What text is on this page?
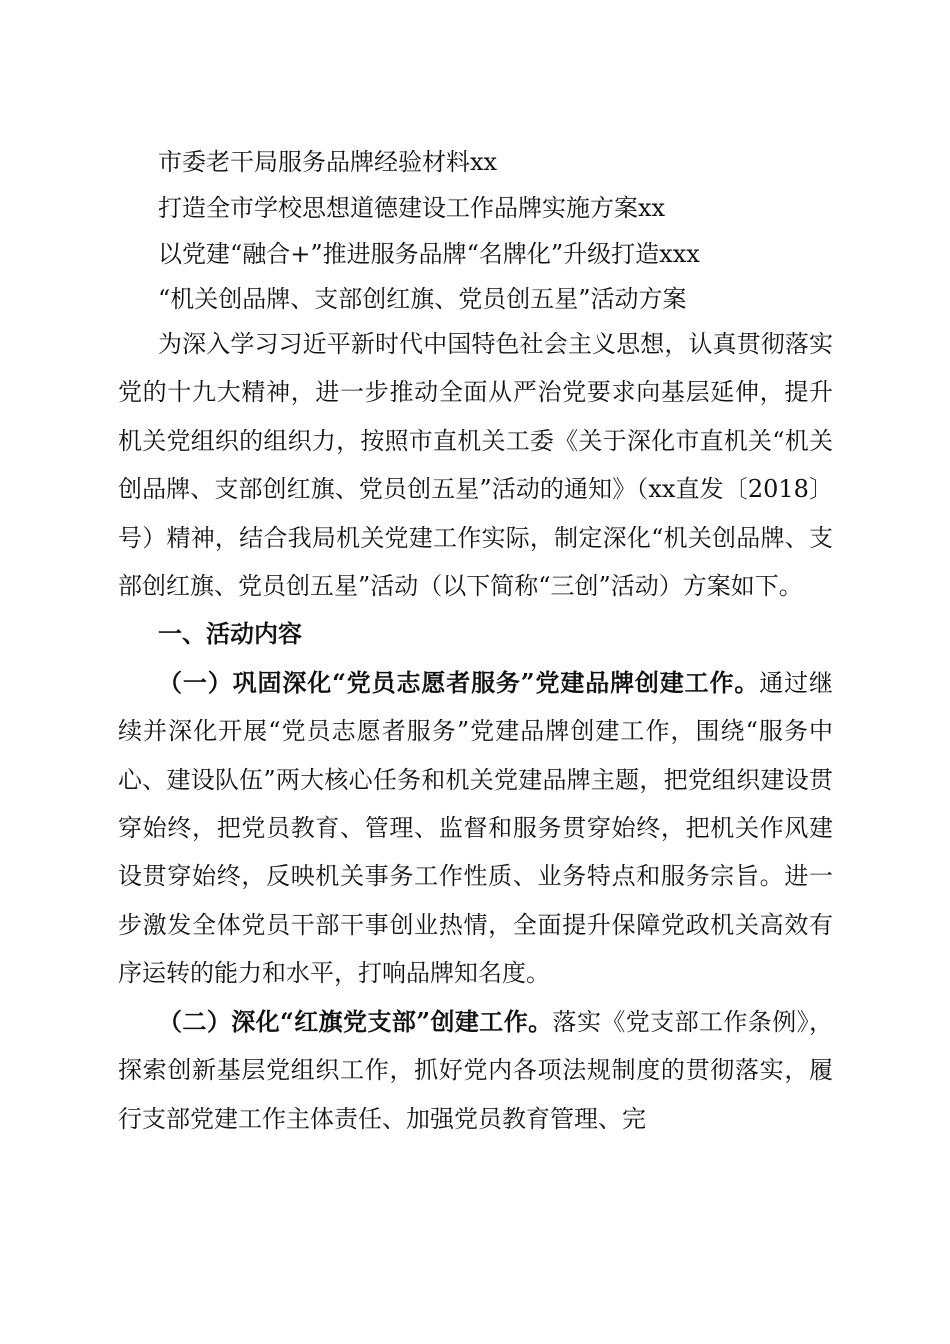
市委老干局服务品牌经验材料xx

打造全市学校思想道德建设工作品牌实施方案xx

以党建“融合+”推进服务品牌“名牌化”升级打造xxx

“机关创品牌、支部创红旗、党员创五星”活动方案

为深入学习习近平新时代中国特色社会主义思想，认真贯彻落实党的十九大精神，进一步推动全面从严治党要求向基层延伸，提升机关党组织的组织力，按照市直机关工委《关于深化市直机关“机关创品牌、支部创红旗、党员创五星”活动的通知》（xx直发〔2018〕号）精神，结合我局机关党建工作实际，制定深化“机关创品牌、支部创红旗、党员创五星”活动（以下简称“三创”活动）方案如下。

一、活动内容

（一）巩固深化“党员志愿者服务”党建品牌创建工作。通过继续并深化开展“党员志愿者服务”党建品牌创建工作，围绕“服务中心、建设队伍”两大核心任务和机关党建品牌主题，把党组织建设贯穿始终，把党员教育、管理、监督和服务贯穿始终，把机关作风建设贯穿始终，反映机关事务工作性质、业务特点和服务宗旨。进一步激发全体党员干部干事创业热情，全面提升保障党政机关高效有序运转的能力和水平，打响品牌知名度。

（二）深化“红旗党支部”创建工作。落实《党支部工作条例》，探索创新基层党组织工作，抓好党内各项法规制度的贯彻落实，履行支部党建工作主体责任、加强党员教育管理、完
